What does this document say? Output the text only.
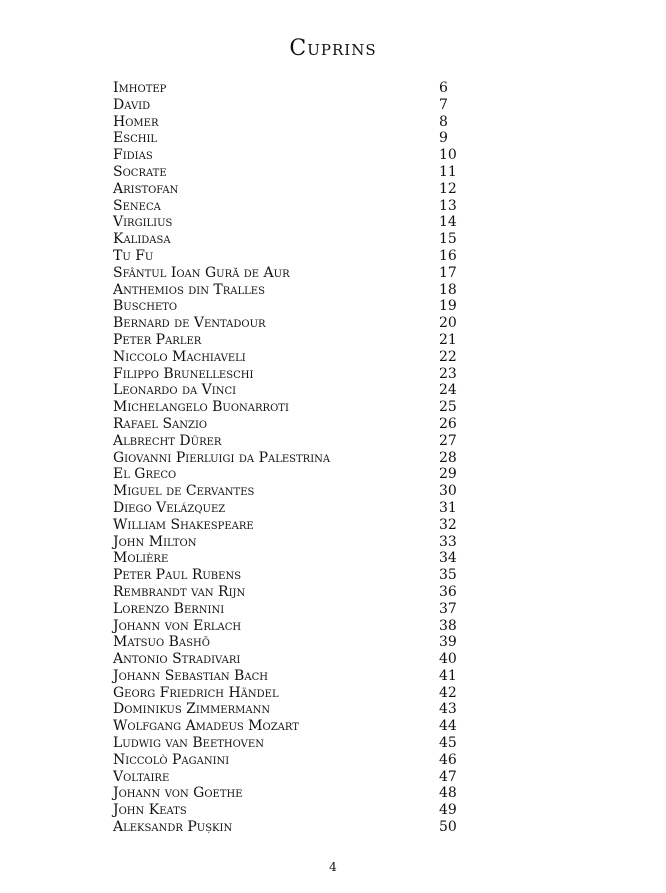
Cuprins
Imhotep	6
David	7
Homer	8
Eschil	9
Fidias	10
Socrate	11
Aristofan	12
Seneca	13
Virgilius	14
Kalidasa	15
Tu Fu	16
Sfântul Ioan Gură de Aur	17
Anthemios din Tralles	18
Buscheto	19
Bernard de Ventadour	20
Peter Parler	21
Niccolo Machiaveli	22
Filippo Brunelleschi	23
Leonardo da Vinci	24
Michelangelo Buonarroti	25
Rafael Sanzio	26
Albrecht Dürer	27
Giovanni Pierluigi da Palestrina	28
El Greco	29
Miguel de Cervantes	30
Diego Velázquez	31
William Shakespeare	32
John Milton	33
Molière	34
Peter Paul Rubens	35
Rembrandt van Rijn	36
Lorenzo Bernini	37
Johann von Erlach	38
Matsuo Bashō	39
Antonio Stradivari	40
Johann Sebastian Bach	41
Georg Friedrich Händel	42
Dominikus Zimmermann	43
Wolfgang Amadeus Mozart	44
Ludwig van Beethoven	45
Niccolò Paganini	46
Voltaire	47
Johann von Goethe	48
John Keats	49
Aleksandr Pușkin	50
4
